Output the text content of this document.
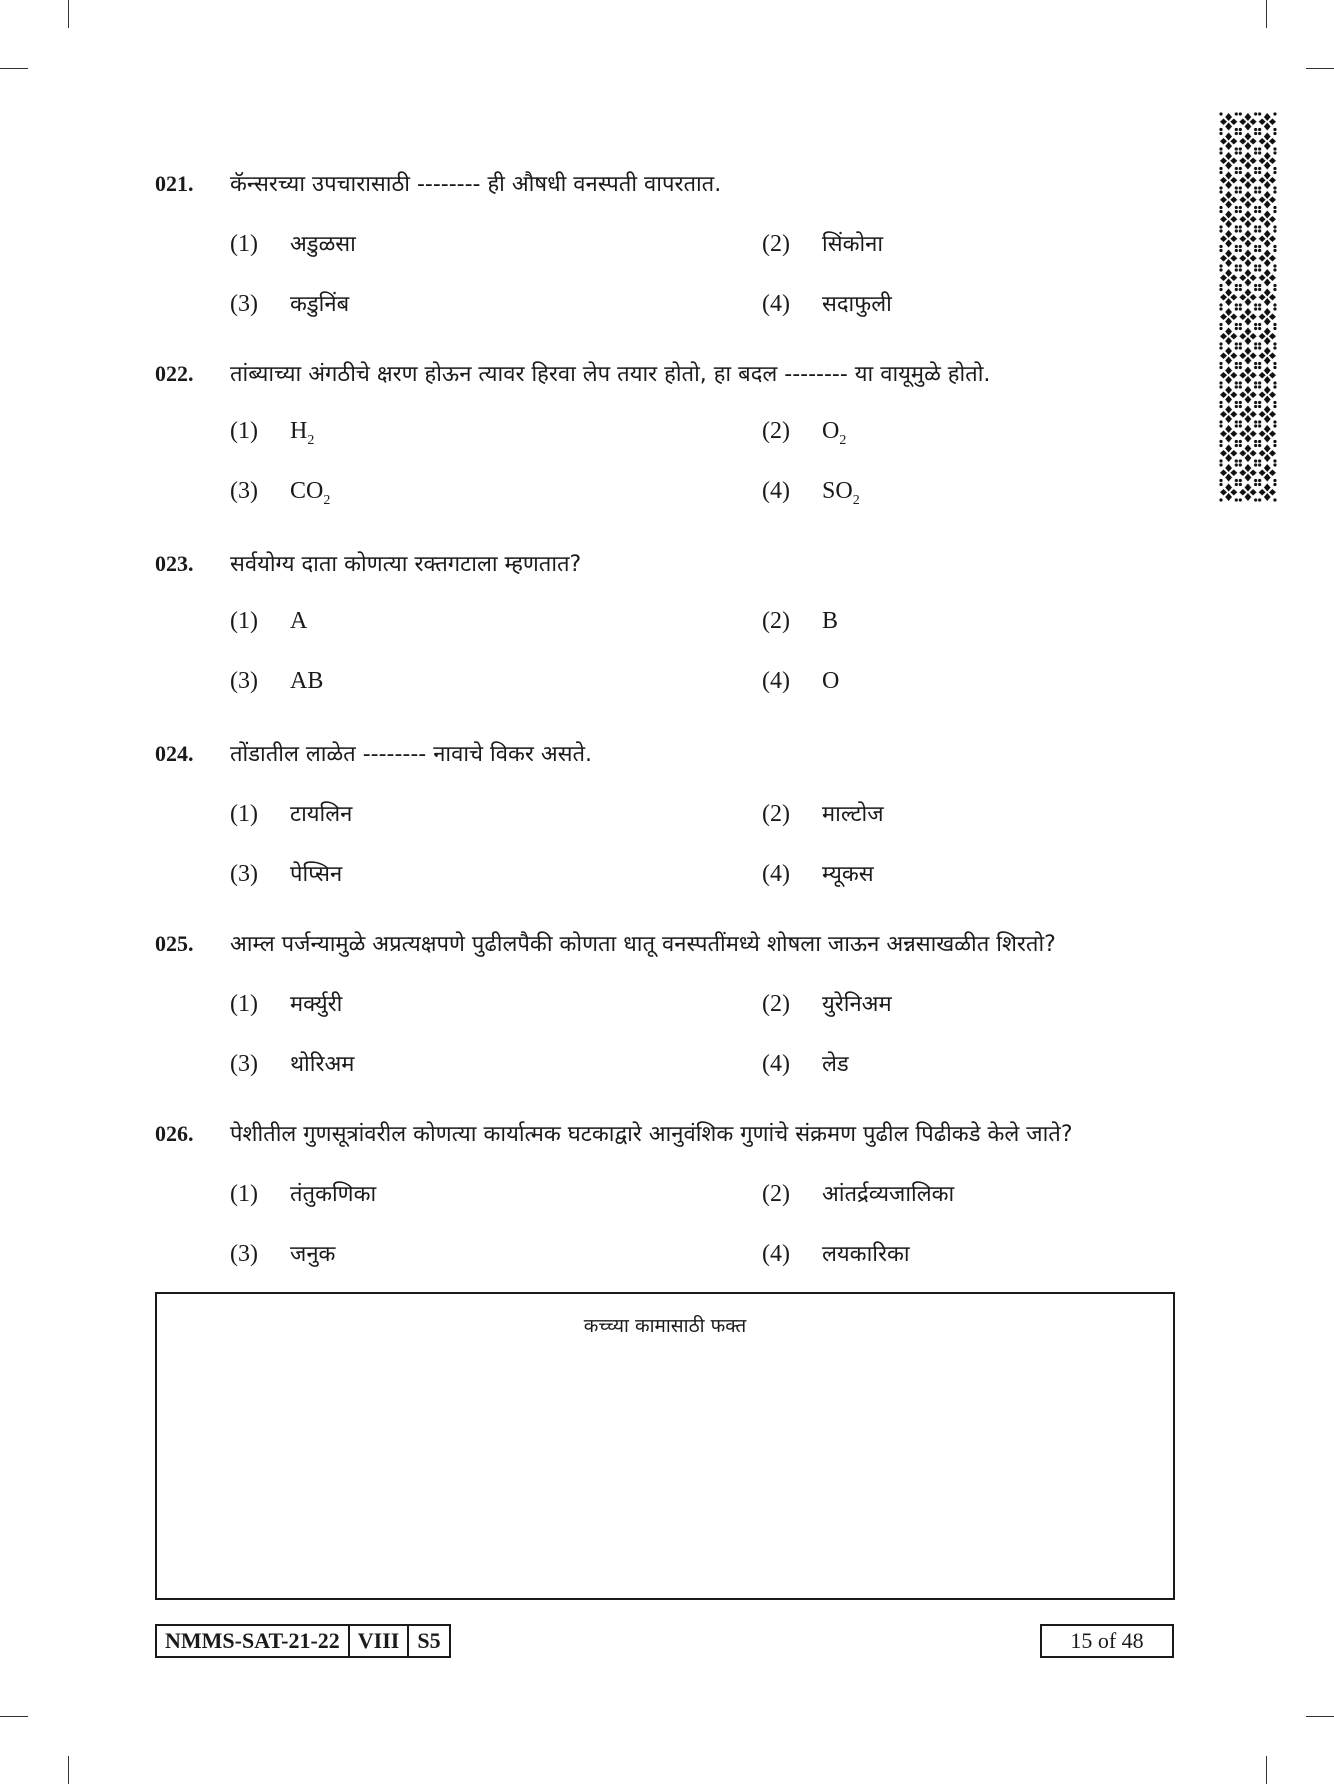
021.	कॅन्सरच्या उपचारासाठी -------- ही औषधी वनस्पती वापरतात.
(1)	अडुळसा	(2)	सिंकोना
(3)	कडुनिंब	(4)	सदाफुली
022.	तांब्याच्या अंगठीचे क्षरण होऊन त्यावर हिरवा लेप तयार होतो, हा बदल -------- या वायूमुळे होतो.
(1)	$H_2$	(2)	$O_2$
(3)	$CO_2$	(4)	$SO_2$
023.	सर्वयोग्य दाता कोणत्या रक्तगटाला म्हणतात?
(1)	A	(2)	B
(3)	AB	(4)	O
024.	तोंडातील लाळेत -------- नावाचे विकर असते.
(1)	टायलिन	(2)	माल्टोज
(3)	पेप्सिन	(4)	म्यूकस
025.	आम्ल पर्जन्यामुळे अप्रत्यक्षपणे पुढीलपैकी कोणता धातू वनस्पतींमध्ये शोषला जाऊन अन्नसाखळीत शिरतो?
(1)	मर्क्युरी	(2)	युरेनिअम
(3)	थोरिअम	(4)	लेड
026.	पेशीतील गुणसूत्रांवरील कोणत्या कार्यात्मक घटकाद्वारे आनुवंशिक गुणांचे संक्रमण पुढील पिढीकडे केले जाते?
(1)	तंतुकणिका	(2)	आंतर्द्रव्यजालिका
(3)	जनुक	(4)	लयकारिका
कच्च्या कामासाठी फक्त
NMMS-SAT-21-22 VIII S5	15 of 48
